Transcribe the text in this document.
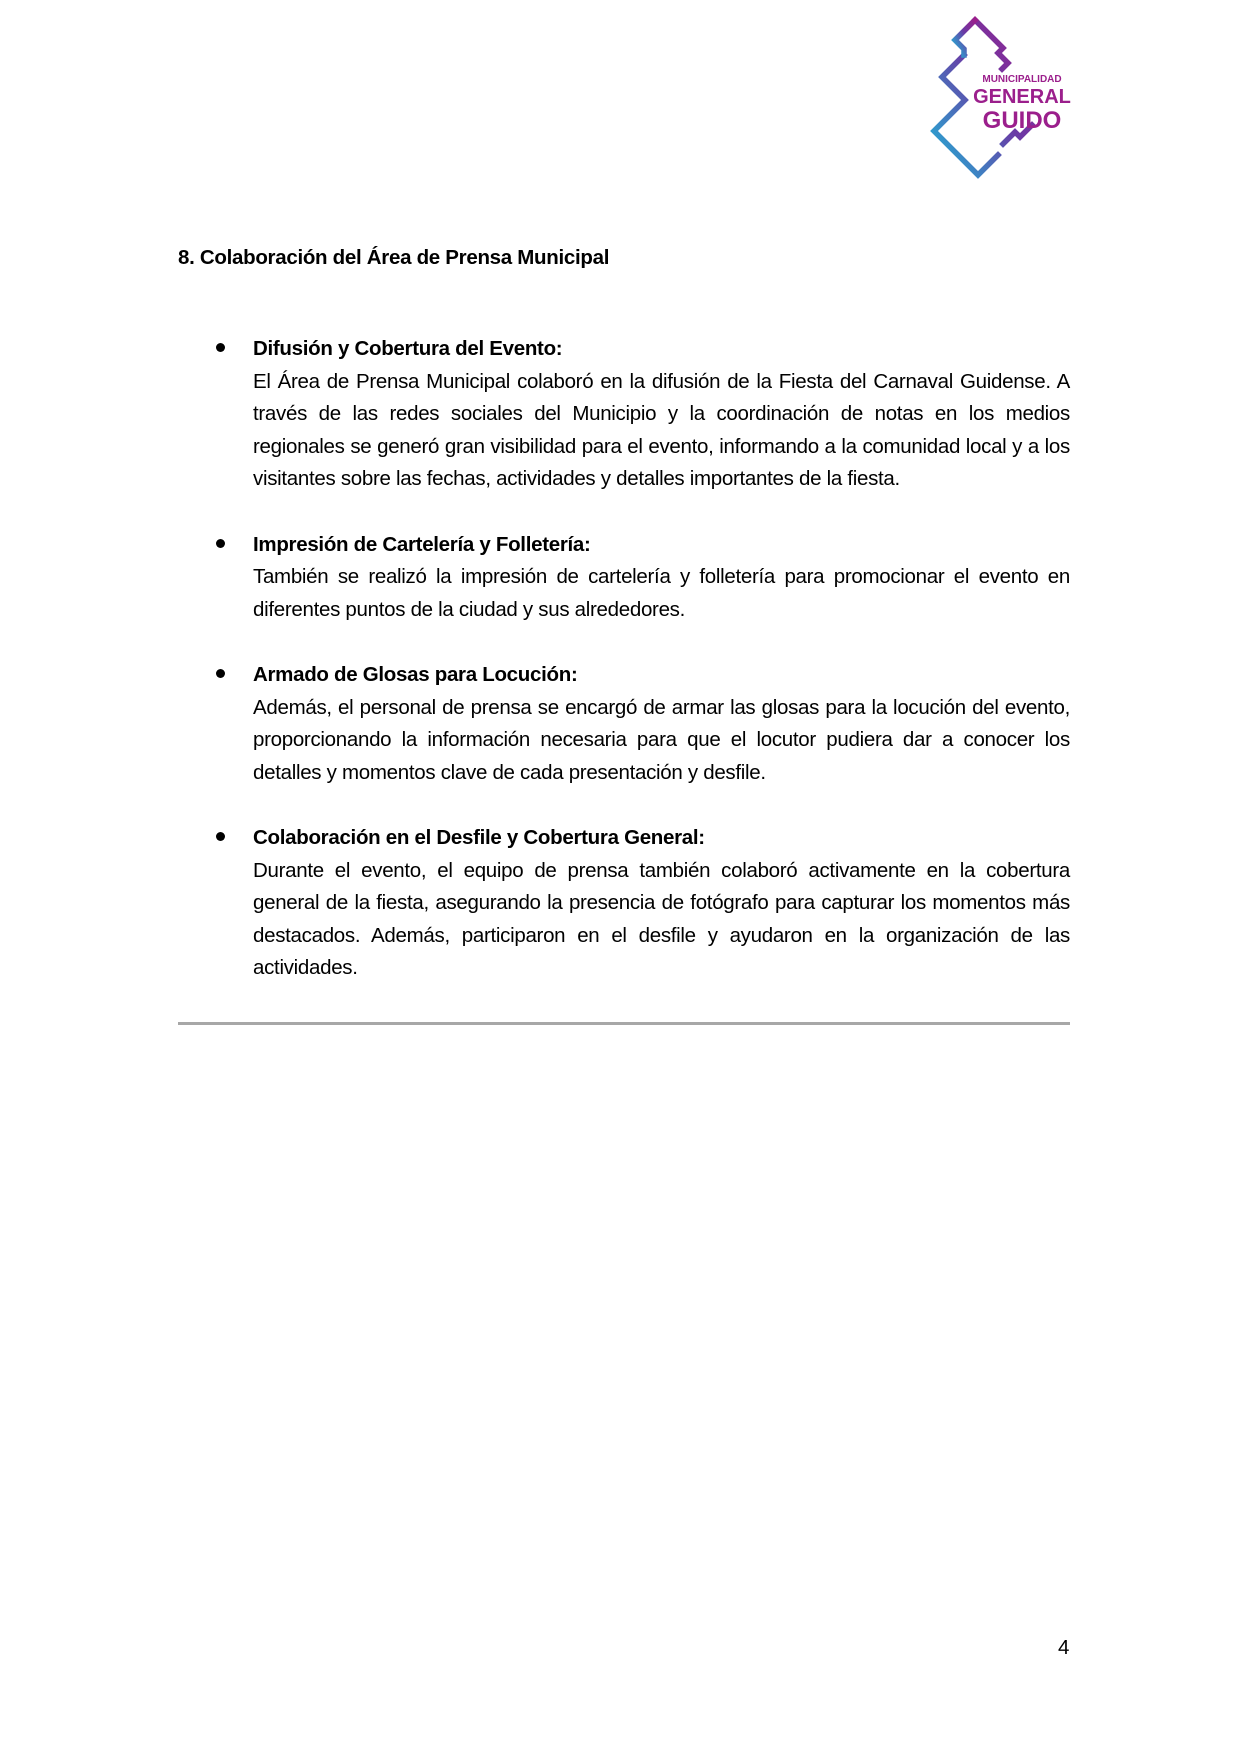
MUNICIPALIDAD
GENERAL
GUIDO
8. Colaboración del Área de Prensa Municipal
Difusión y Cobertura del Evento:
El Área de Prensa Municipal colaboró en la difusión de la Fiesta del Carnaval Guidense. A través de las redes sociales del Municipio y la coordinación de notas en los medios regionales se generó gran visibilidad para el evento, informando a la comunidad local y a los visitantes sobre las fechas, actividades y detalles importantes de la fiesta.
Impresión de Cartelería y Folletería:
También se realizó la impresión de cartelería y folletería para promocionar el evento en diferentes puntos de la ciudad y sus alrededores.
Armado de Glosas para Locución:
Además, el personal de prensa se encargó de armar las glosas para la locución del evento, proporcionando la información necesaria para que el locutor pudiera dar a conocer los detalles y momentos clave de cada presentación y desfile.
Colaboración en el Desfile y Cobertura General:
Durante el evento, el equipo de prensa también colaboró activamente en la cobertura general de la fiesta, asegurando la presencia de fotógrafo para capturar los momentos más destacados. Además, participaron en el desfile y ayudaron en la organización de las actividades.
4
